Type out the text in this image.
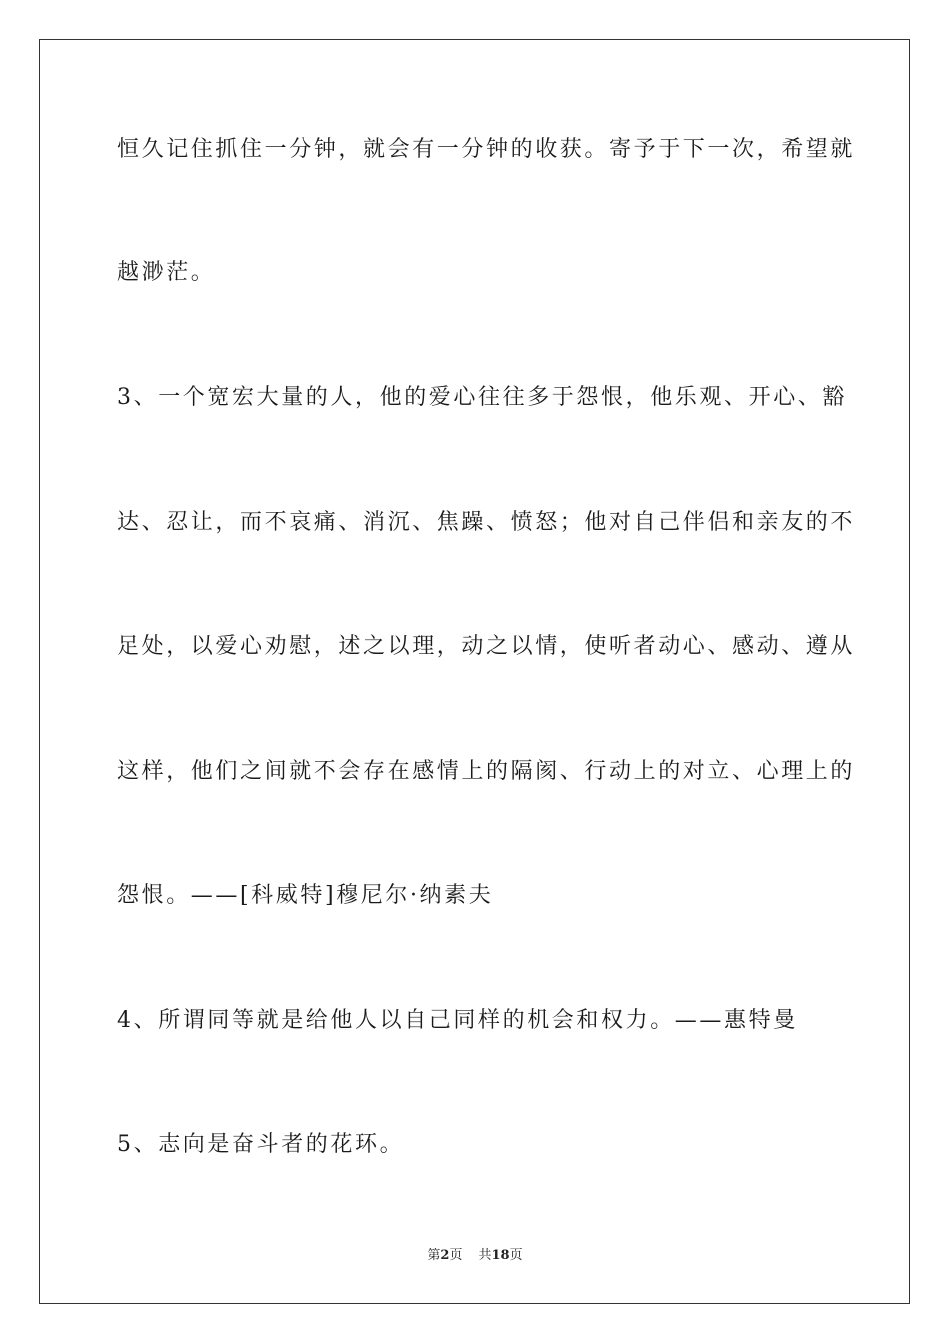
恒久记住抓住一分钟，就会有一分钟的收获。寄予于下一次，希望就
越渺茫。
3、一个宽宏大量的人，他的爱心往往多于怨恨，他乐观、开心、豁
达、忍让，而不哀痛、消沉、焦躁、愤怒；他对自己伴侣和亲友的不
足处，以爱心劝慰，述之以理，动之以情，使听者动心、感动、遵从
这样，他们之间就不会存在感情上的隔阂、行动上的对立、心理上的
怨恨。——[科威特]穆尼尔·纳素夫
4、所谓同等就是给他人以自己同样的机会和权力。——惠特曼
5、志向是奋斗者的花环。
第2页 共18页
